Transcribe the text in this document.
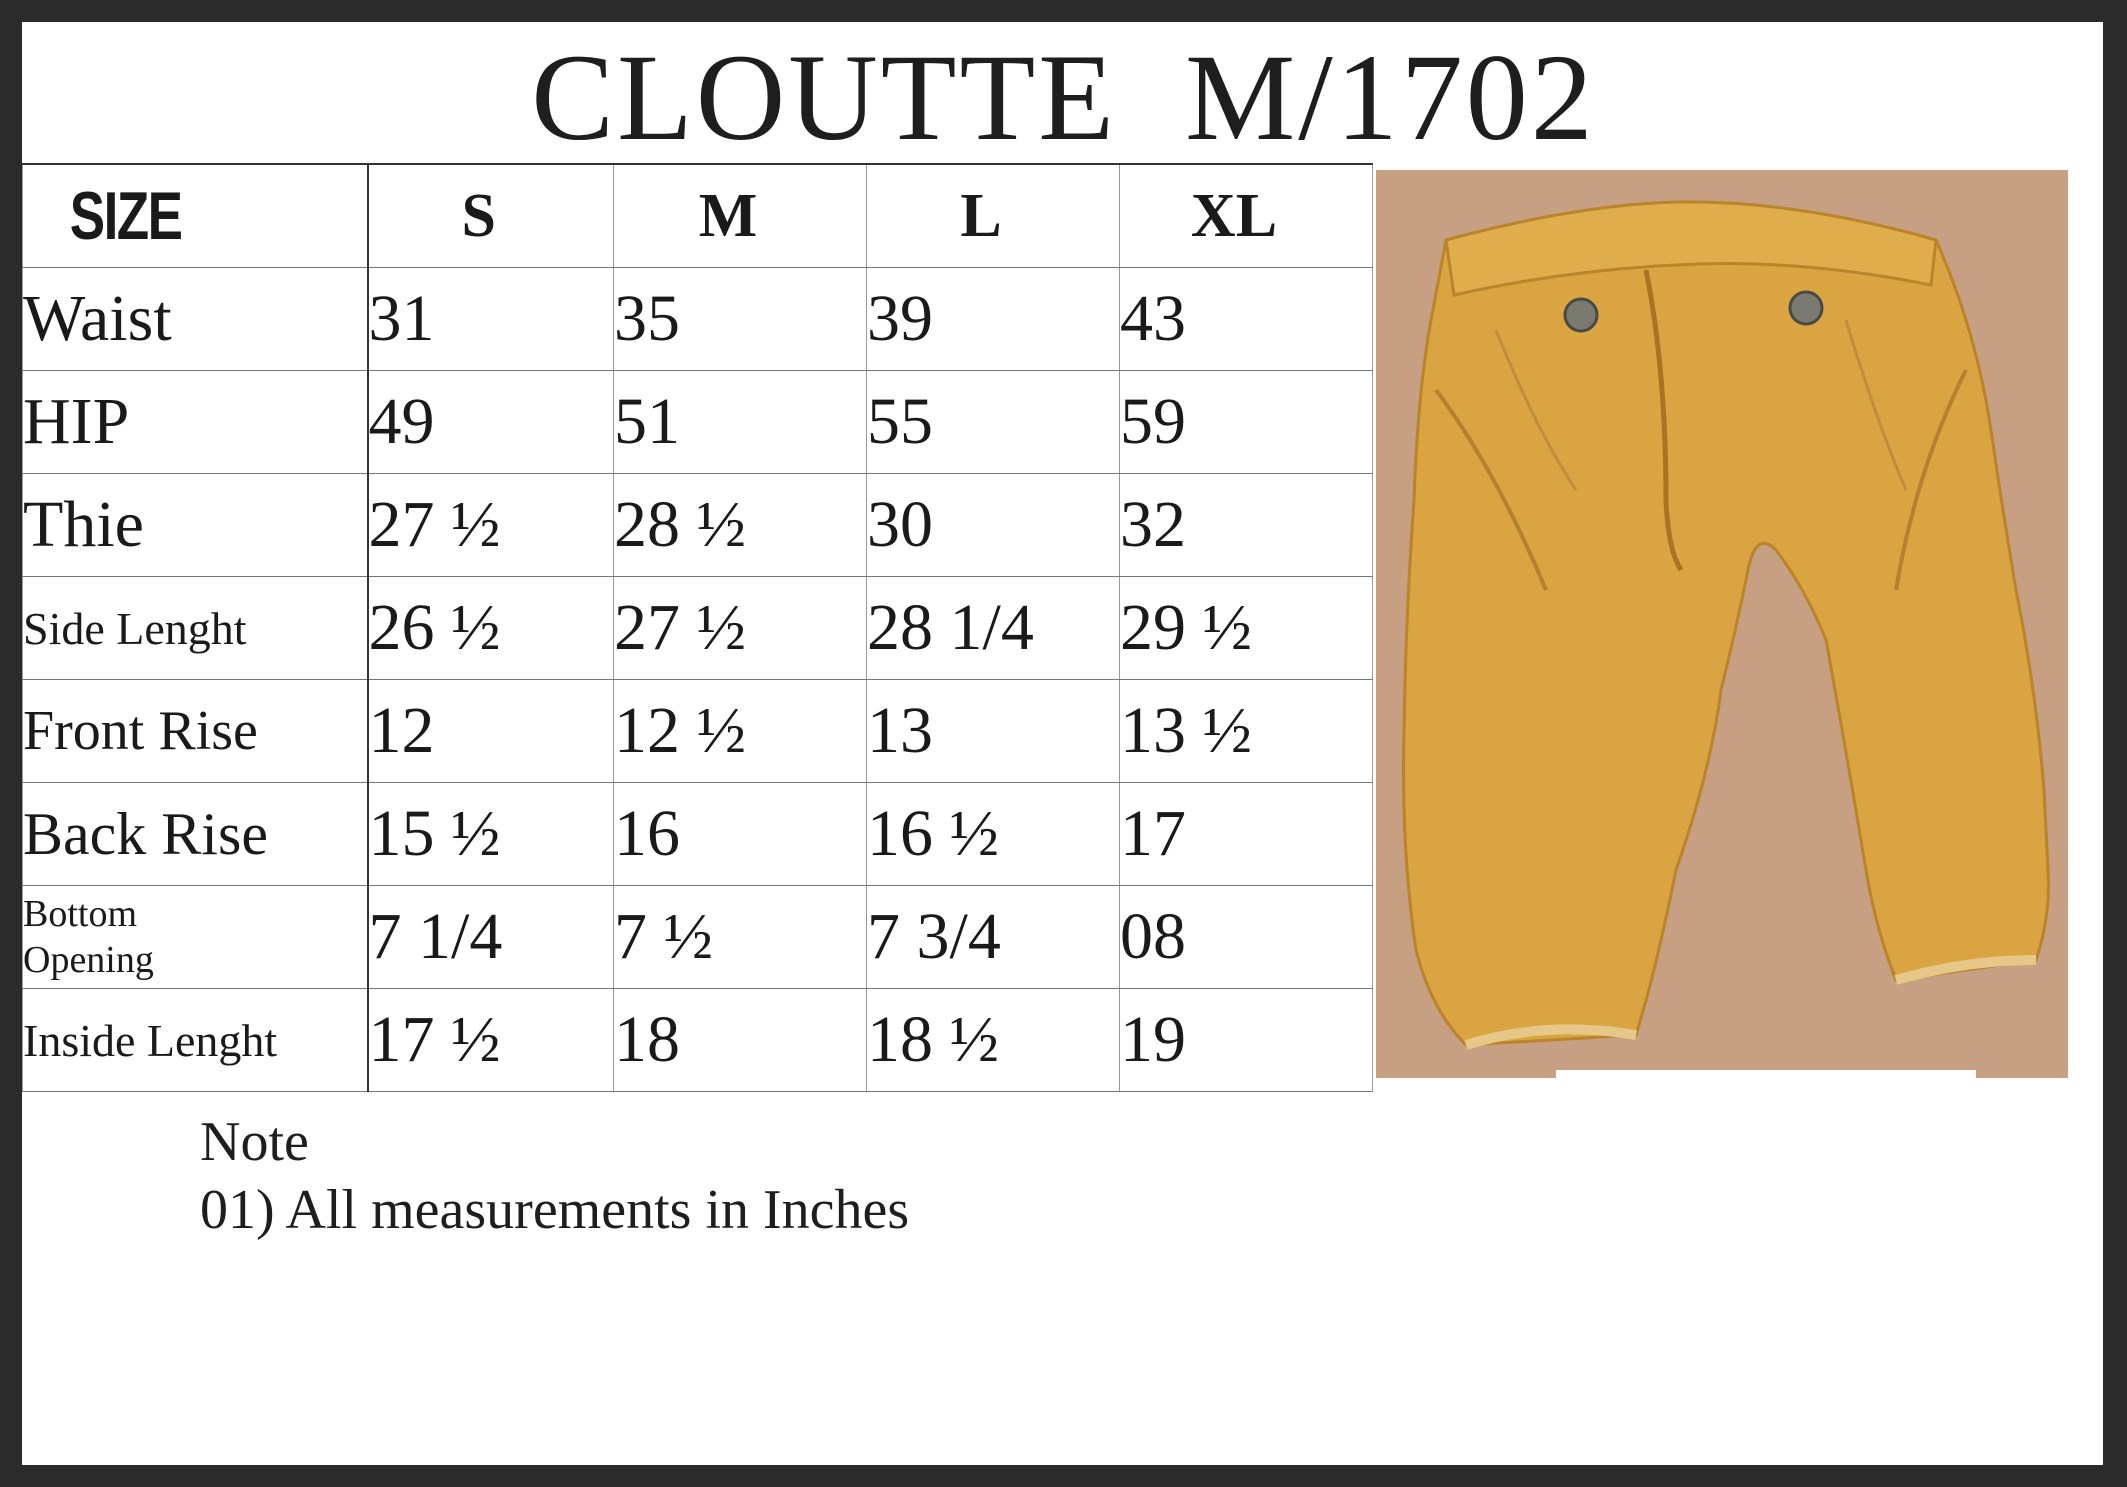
CLOUTTE  M/1702
SIZE	S	M	L	XL
Waist	31	35	39	43
HIP	49	51	55	59
Thie	27 ½	28 ½	30	32
Side Lenght	26 ½	27 ½	28 1/4	29 ½
Front Rise	12	12 ½	13	13 ½
Back Rise	15 ½	16	16 ½	17

Bottom
Opening	7 1/4	7 ½	7 3/4	08
Inside Lenght	17 ½	18	18 ½	19
Note
01) All measurements in Inches
